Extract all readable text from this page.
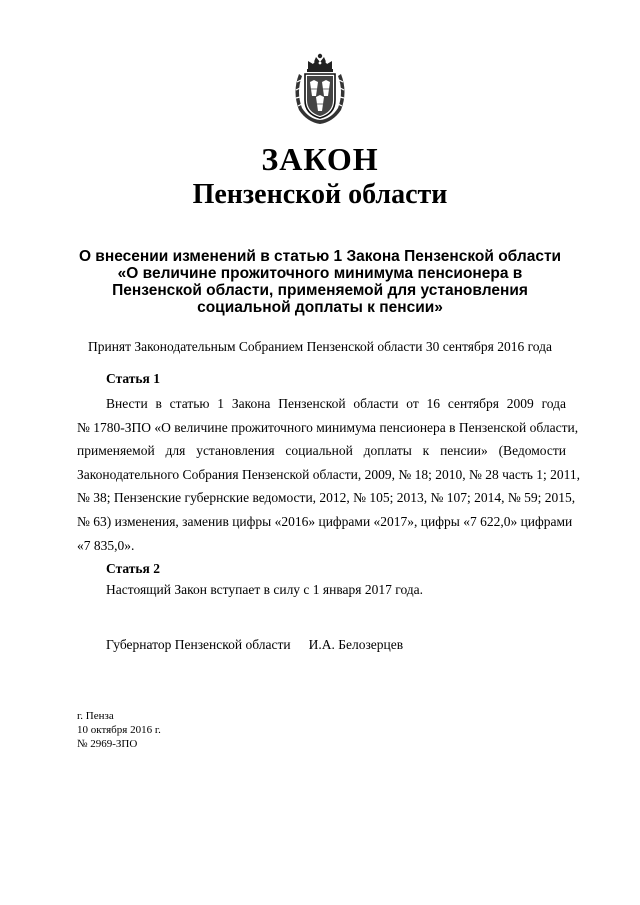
ЗАКОН
Пензенской области
О внесении изменений в статью 1 Закона Пензенской области
«О величине прожиточного минимума пенсионера в
Пензенской области, применяемой для установления
социальной доплаты к пенсии»
Принят Законодательным Собранием Пензенской области 30 сентября 2016 года
Статья 1
Внести в статью 1 Закона Пензенской области от 16 сентября 2009 года
№ 1780-ЗПО «О величине прожиточного минимума пенсионера в Пензенской области,
применяемой для установления социальной доплаты к пенсии» (Ведомости
Законодательного Собрания Пензенской области, 2009, № 18; 2010, № 28 часть 1; 2011,
№ 38; Пензенские губернские ведомости, 2012, № 105; 2013, № 107; 2014, № 59; 2015,
№ 63) изменения, заменив цифры «2016» цифрами «2017», цифры «7 622,0» цифрами
«7 835,0».
Статья 2
Настоящий Закон вступает в силу с 1 января 2017 года.
Губернатор Пензенской области И.А. Белозерцев
г. Пенза
10 октября 2016 г.
№ 2969-ЗПО
